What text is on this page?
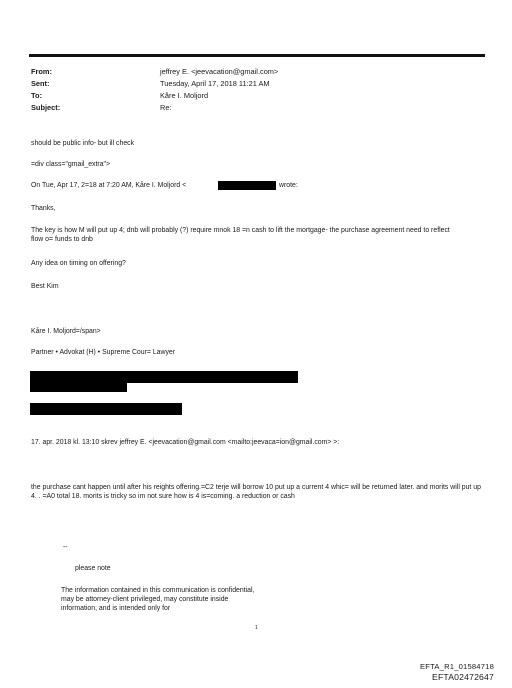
From:	jeffrey E. <jeevacation@gmail.com>
Sent:	Tuesday, April 17, 2018 11:21 AM
To:	Kåre I. Moljord
Subject:	Re:
should be public info- but ill check
=div class="gmail_extra">
On Tue, Apr 17, 2=18 at 7:20 AM, Kåre I. Moljord <	wrote:
Thanks,
The key is how M will put up 4; dnb will probably (?) require mnok 18 =n cash to lift the mortgage- the purchase agreement need to reflect flow o= funds to dnb
Any idea on timing on offering?
Best Kim
Kåre I. Moljord=/span>
Partner • Advokat (H) • Supreme Cour= Lawyer
17. apr. 2018 kl. 13:10 skrev jeffrey E. <jeevacation@gmail.com <mailto:jeevaca=ion@gmail.com> >:
the purchase cant happen until after his reights offering.=C2 terje will borrow 10 put up a current 4 whic= will be returned later. and morits will put up 4. . =A0 total 18. morits is tricky so im not sure how is 4 is=coming. a reduction or cash
--
please note
The information contained in this communication is confidential, may be attorney-client privileged, may constitute inside information, and is intended only for
1
EFTA_R1_01584718
EFTA02472647
